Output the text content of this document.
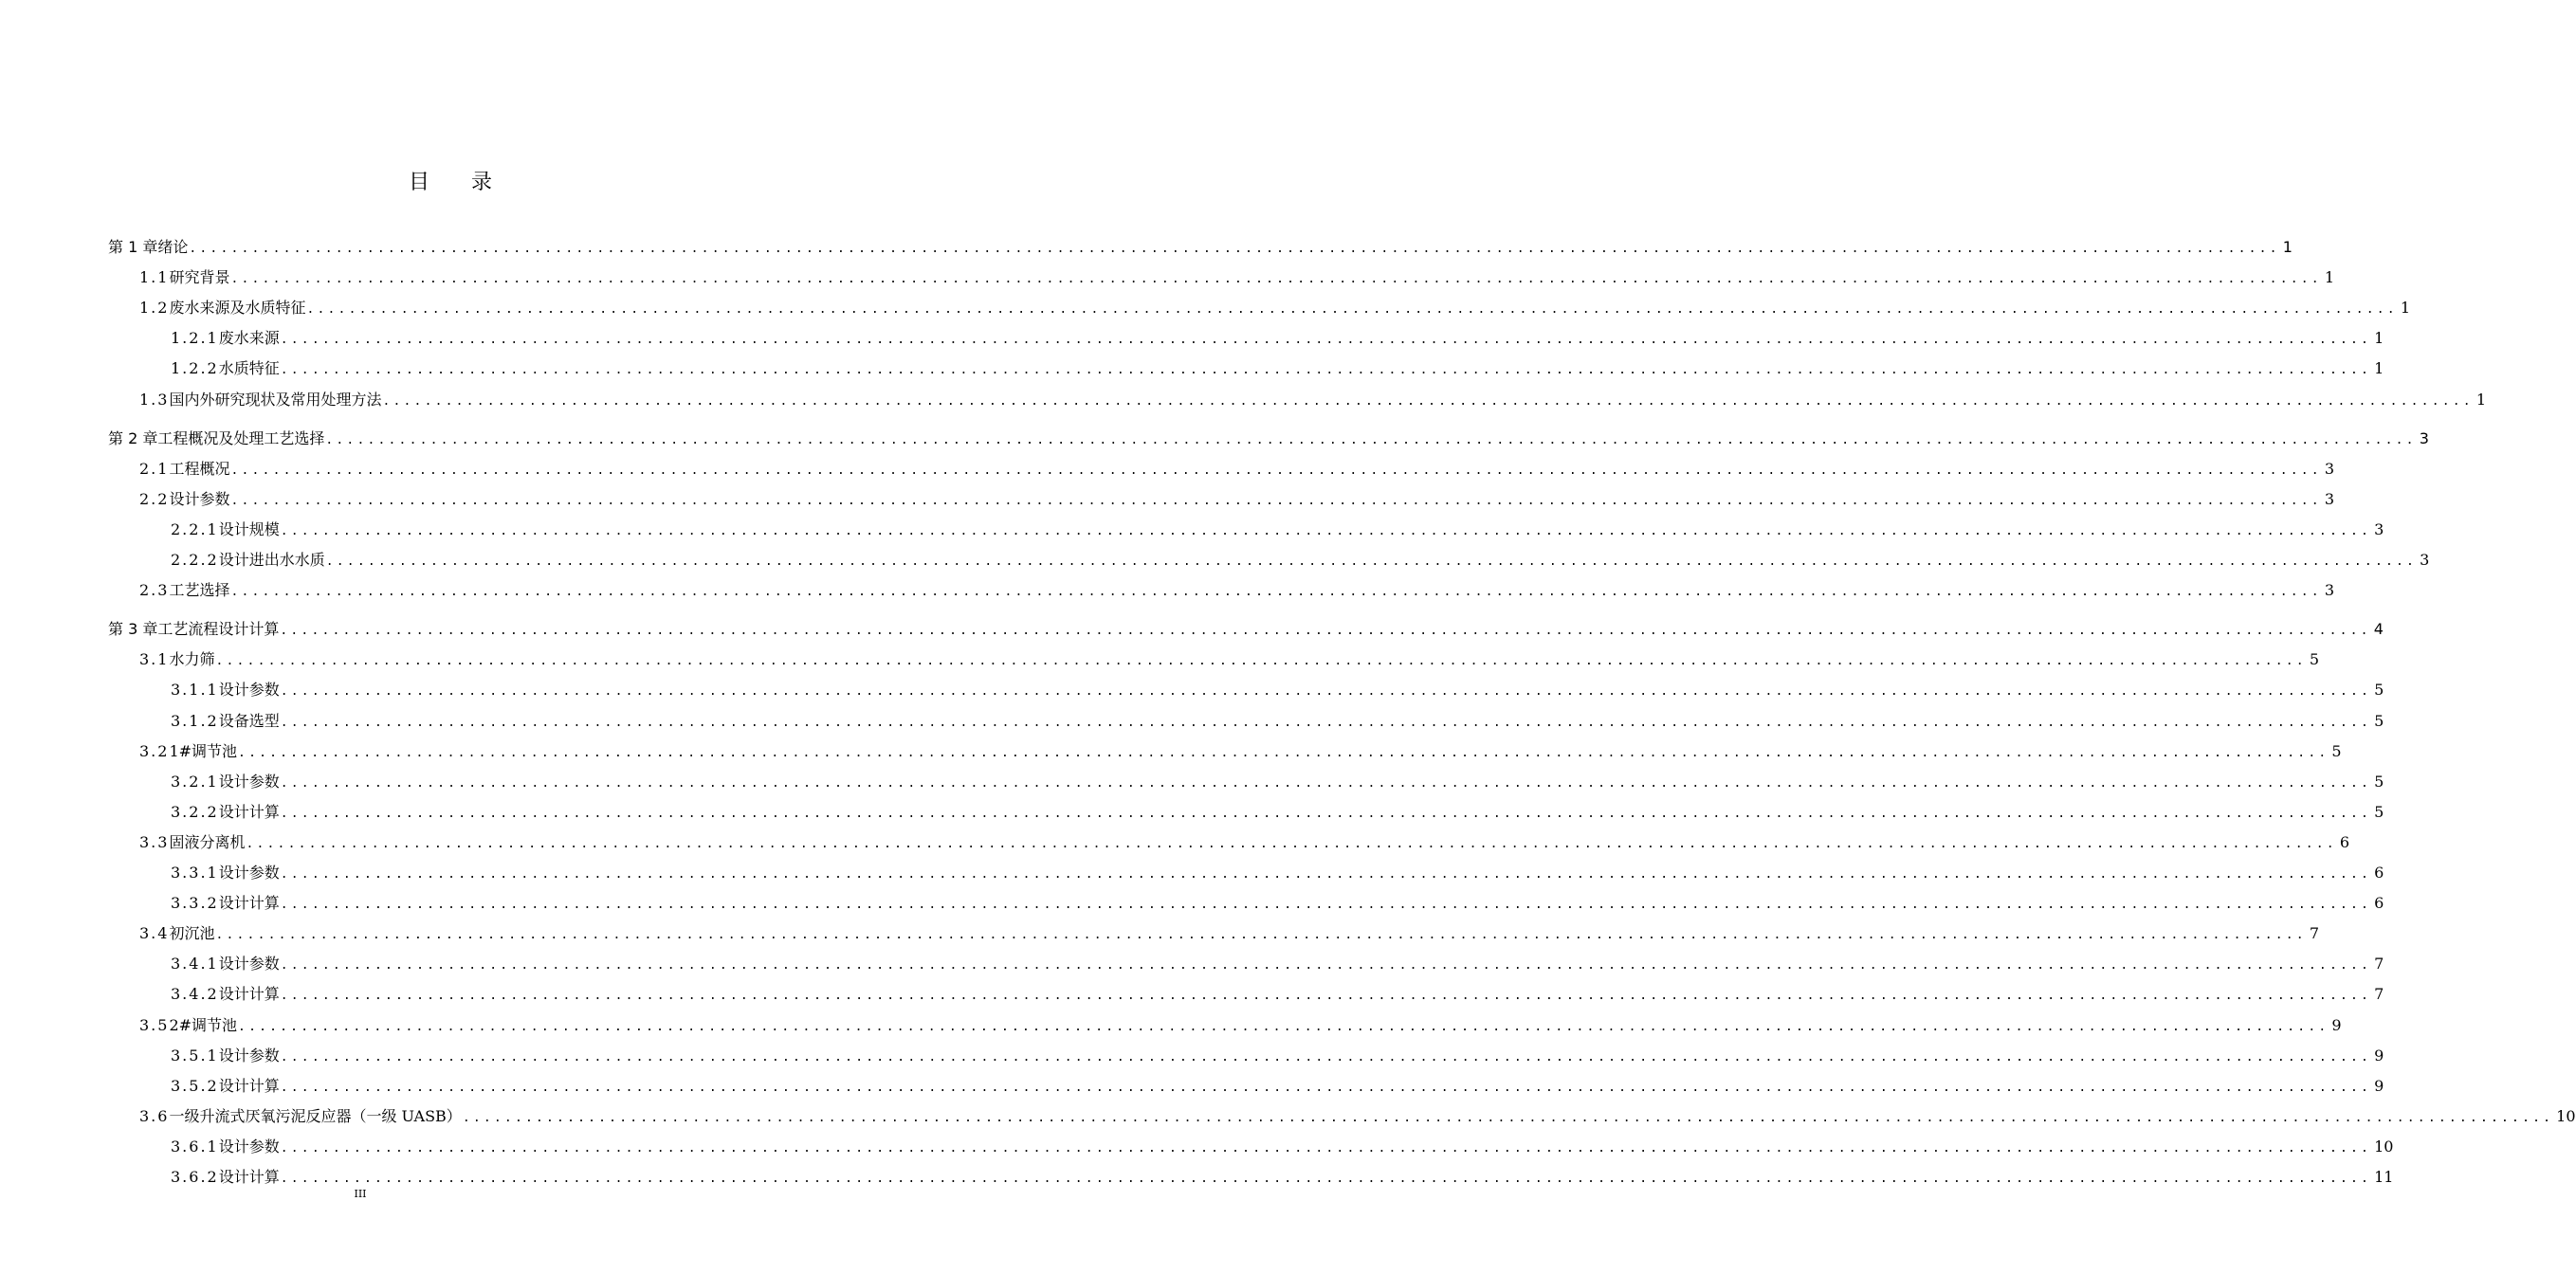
目录
第 1 章 绪论 ........................................................................................................................................................................................................ 1
1.1 研究背景 ........................................................................................................................................................................................................ 1
1.2 废水来源及水质特征 ........................................................................................................................................................................................................ 1
1.2.1 废水来源 ........................................................................................................................................................................................................ 1
1.2.2 水质特征 ........................................................................................................................................................................................................ 1
1.3 国内外研究现状及常用处理方法 ........................................................................................................................................................................................................ 1
第 2 章 工程概况及处理工艺选择 ........................................................................................................................................................................................................ 3
2.1 工程概况 ........................................................................................................................................................................................................ 3
2.2 设计参数 ........................................................................................................................................................................................................ 3
2.2.1 设计规模 ........................................................................................................................................................................................................ 3
2.2.2 设计进出水水质 ........................................................................................................................................................................................................ 3
2.3 工艺选择 ........................................................................................................................................................................................................ 3
第 3 章 工艺流程设计计算 ........................................................................................................................................................................................................ 4
3.1 水力筛 ........................................................................................................................................................................................................ 5
3.1.1 设计参数 ........................................................................................................................................................................................................ 5
3.1.2 设备选型 ........................................................................................................................................................................................................ 5
3.2 1#调节池 ........................................................................................................................................................................................................ 5
3.2.1 设计参数 ........................................................................................................................................................................................................ 5
3.2.2 设计计算 ........................................................................................................................................................................................................ 5
3.3 固液分离机 ........................................................................................................................................................................................................ 6
3.3.1 设计参数 ........................................................................................................................................................................................................ 6
3.3.2 设计计算 ........................................................................................................................................................................................................ 6
3.4 初沉池 ........................................................................................................................................................................................................ 7
3.4.1 设计参数 ........................................................................................................................................................................................................ 7
3.4.2 设计计算 ........................................................................................................................................................................................................ 7
3.5 2#调节池 ........................................................................................................................................................................................................ 9
3.5.1 设计参数 ........................................................................................................................................................................................................ 9
3.5.2 设计计算 ........................................................................................................................................................................................................ 9
3.6 一级升流式厌氧污泥反应器（一级 UASB） ........................................................................................................................................................................................................ 10
3.6.1 设计参数 ........................................................................................................................................................................................................ 10
3.6.2 设计计算 ........................................................................................................................................................................................................ 11
III
